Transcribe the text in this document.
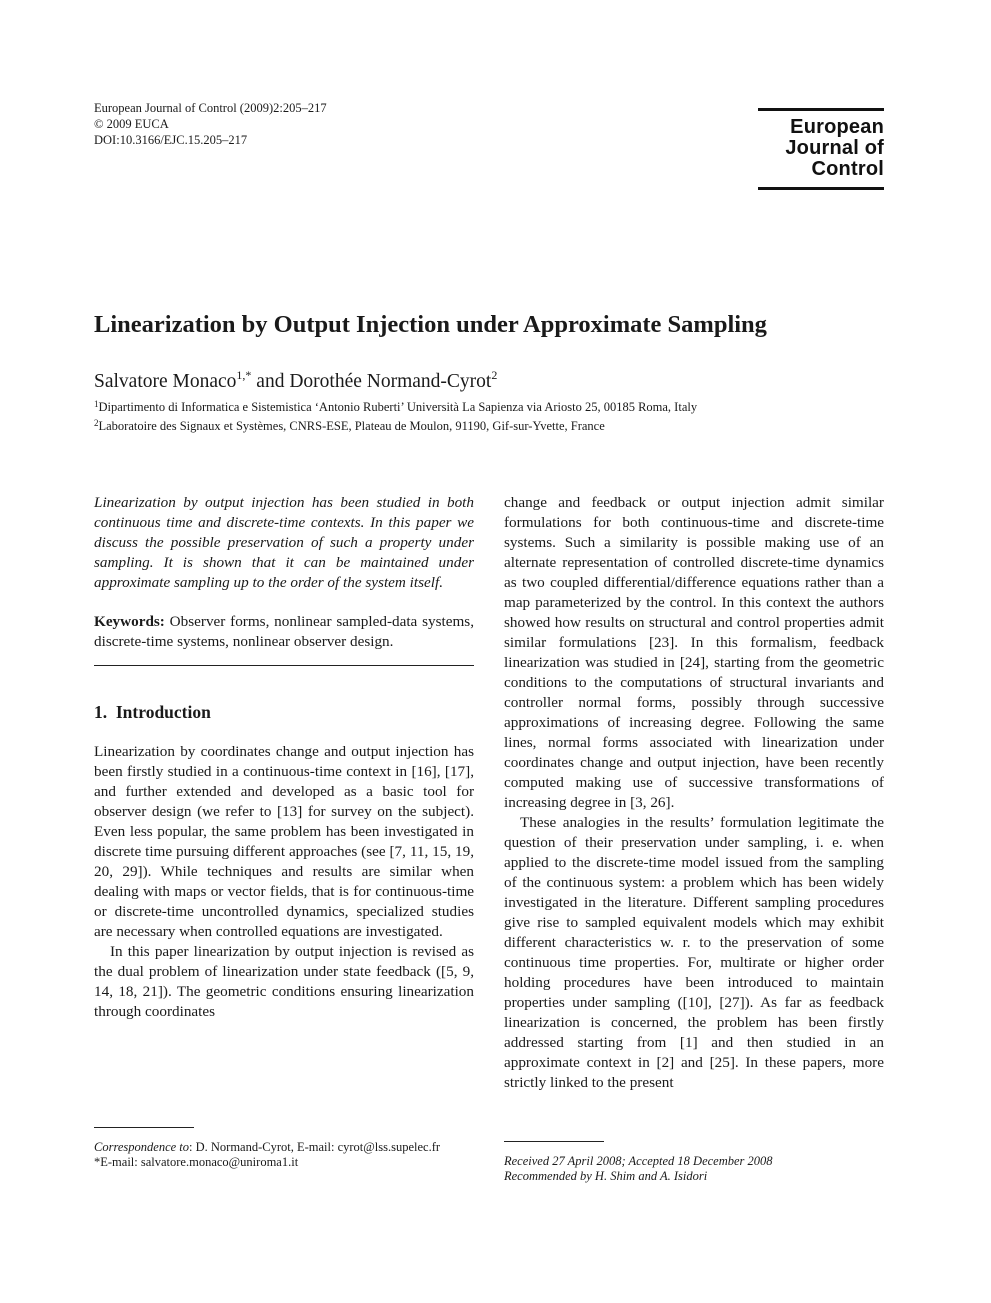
European Journal of Control (2009)2:205–217
© 2009 EUCA
DOI:10.3166/EJC.15.205–217
European
Journal of
Control
Linearization by Output Injection under Approximate Sampling
Salvatore Monaco$^{1,*}$ and Dorothée Normand-Cyrot$^2$
$^1$Dipartimento di Informatica e Sistemistica ‘Antonio Ruberti’ Università La Sapienza via Ariosto 25, 00185 Roma, Italy
$^2$Laboratoire des Signaux et Systèmes, CNRS-ESE, Plateau de Moulon, 91190, Gif-sur-Yvette, France
Linearization by output injection has been studied in both continuous time and discrete-time contexts. In this paper we discuss the possible preservation of such a property under sampling. It is shown that it can be maintained under approximate sampling up to the order of the system itself.
Keywords: Observer forms, nonlinear sampled-data systems, discrete-time systems, nonlinear observer design.
1.  Introduction
Linearization by coordinates change and output injection has been firstly studied in a continuous-time context in [16], [17], and further extended and developed as a basic tool for observer design (we refer to [13] for survey on the subject). Even less popular, the same problem has been investigated in discrete time pursuing different approaches (see [7, 11, 15, 19, 20, 29]). While techniques and results are similar when dealing with maps or vector fields, that is for continuous-time or discrete-time uncontrolled dynamics, specialized studies are necessary when controlled equations are investigated.
In this paper linearization by output injection is revised as the dual problem of linearization under state feedback ([5, 9, 14, 18, 21]). The geometric conditions ensuring linearization through coordinates
change and feedback or output injection admit similar formulations for both continuous-time and discrete-time systems. Such a similarity is possible making use of an alternate representation of controlled discrete-time dynamics as two coupled differential/difference equations rather than a map parameterized by the control. In this context the authors showed how results on structural and control properties admit similar formulations [23]. In this formalism, feedback linearization was studied in [24], starting from the geometric conditions to the computations of structural invariants and controller normal forms, possibly through successive approximations of increasing degree. Following the same lines, normal forms associated with linearization under coordinates change and output injection, have been recently computed making use of successive transformations of increasing degree in [3, 26].
These analogies in the results’ formulation legitimate the question of their preservation under sampling, i. e. when applied to the discrete-time model issued from the sampling of the continuous system: a problem which has been widely investigated in the literature. Different sampling procedures give rise to sampled equivalent models which may exhibit different characteristics w. r. to the preservation of some continuous time properties. For, multirate or higher order holding procedures have been introduced to maintain properties under sampling ([10], [27]). As far as feedback linearization is concerned, the problem has been firstly addressed starting from [1] and then studied in an approximate context in [2] and [25]. In these papers, more strictly linked to the present
Correspondence to: D. Normand-Cyrot, E-mail: cyrot@lss.supelec.fr
*E-mail: salvatore.monaco@uniroma1.it	Received 27 April 2008; Accepted 18 December 2008
Recommended by H. Shim and A. Isidori
